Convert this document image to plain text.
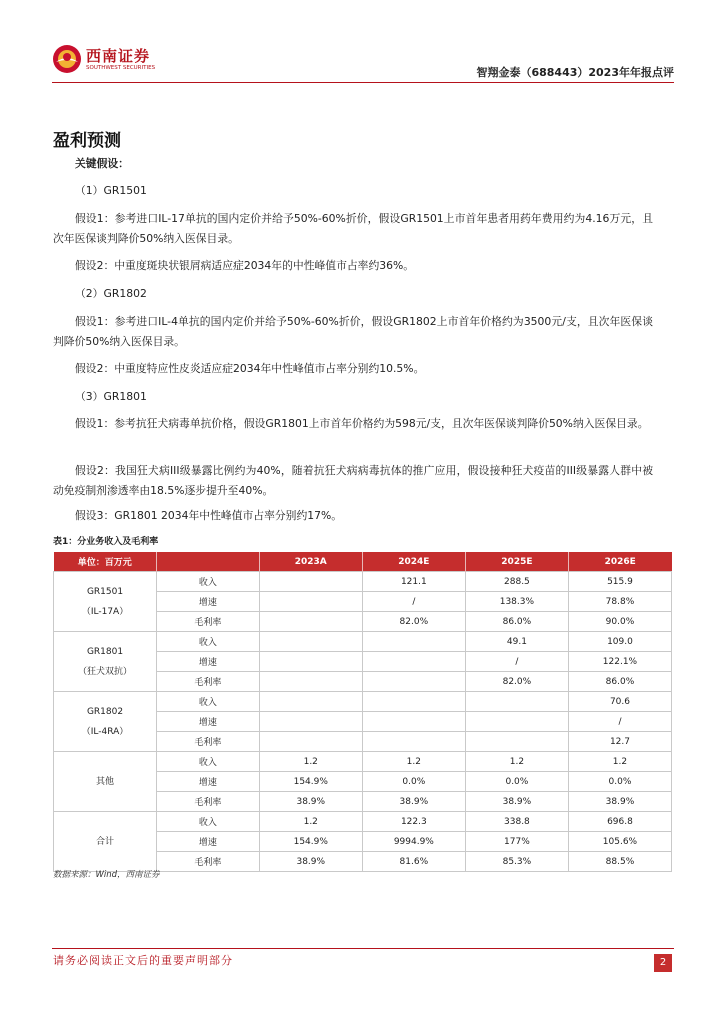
西南证券
SOUTHWEST SECURITIES	智翔金泰（688443）2023年年报点评
盈利预测
关键假设：
（1）GR1501
假设1：参考进口IL-17单抗的国内定价并给予50%-60%折价，假设GR1501上市首年患者用药年费用约为4.16万元，且次年医保谈判降价50%纳入医保目录。
假设2：中重度斑块状银屑病适应症2034年的中性峰值市占率约36%。
（2）GR1802
假设1：参考进口IL-4单抗的国内定价并给予50%-60%折价，假设GR1802上市首年价格约为3500元/支，且次年医保谈判降价50%纳入医保目录。
假设2：中重度特应性皮炎适应症2034年中性峰值市占率分别约10.5%。
（3）GR1801
假设1：参考抗狂犬病毒单抗价格，假设GR1801上市首年价格约为598元/支，且次年医保谈判降价50%纳入医保目录。
假设2：我国狂犬病III级暴露比例约为40%，随着抗狂犬病病毒抗体的推广应用，假设接种狂犬疫苗的III级暴露人群中被动免疫制剂渗透率由18.5%逐步提升至40%。
假设3：GR1801 2034年中性峰值市占率分别约17%。
表1：分业务收入及毛利率
单位：百万元		2023A	2024E	2025E	2026E
GR1501
（IL-17A）	收入		121.1	288.5	515.9
	增速		/	138.3%	78.8%
	毛利率		82.0%	86.0%	90.0%
GR1801
（狂犬双抗）	收入			49.1	109.0
	增速			/	122.1%
	毛利率			82.0%	86.0%
GR1802
（IL-4RA）	收入				70.6
	增速				/
	毛利率				12.7
其他	收入	1.2	1.2	1.2	1.2
	增速	154.9%	0.0%	0.0%	0.0%
	毛利率	38.9%	38.9%	38.9%	38.9%
合计	收入	1.2	122.3	338.8	696.8
	增速	154.9%	9994.9%	177%	105.6%
	毛利率	38.9%	81.6%	85.3%	88.5%
数据来源：Wind，西南证券
请务必阅读正文后的重要声明部分	2
